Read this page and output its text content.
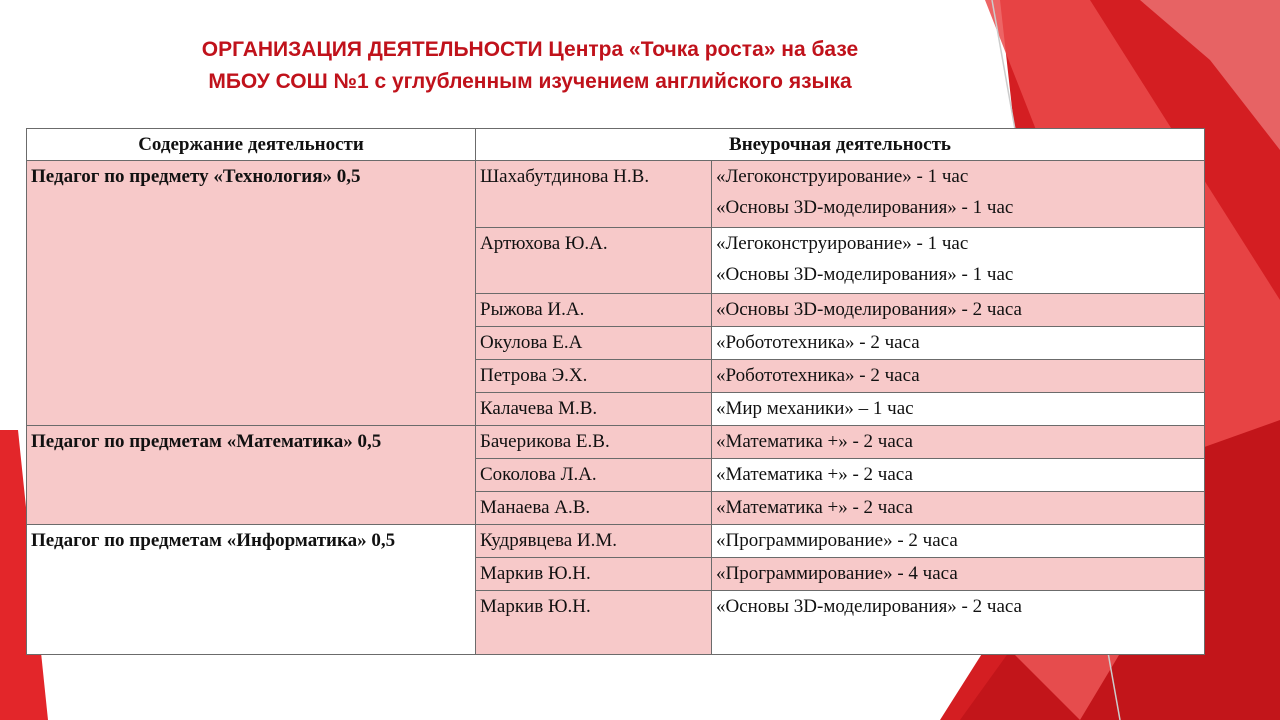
ОРГАНИЗАЦИЯ ДЕЯТЕЛЬНОСТИ Центра «Точка роста» на базе
МБОУ СОШ №1 с углубленным изучением английского языка
Содержание деятельности	Внеурочная деятельность	
Педагог по предмету «Технология» 0,5	Шахабутдинова Н.В.	«Легоконструирование» - 1 час
«Основы 3D-моделирования» - 1 час

	Артюхова Ю.А.	«Легоконструирование» - 1 час
«Основы 3D-моделирования» - 1 час

	Рыжова И.А.	«Основы 3D-моделирования» - 2 часа
	Окулова Е.А	«Робототехника» - 2 часа
	Петрова Э.Х.	«Робототехника» - 2 часа
	Калачева М.В.	«Мир механики» – 1 час
Педагог по предметам «Математика» 0,5	Бачерикова Е.В.	«Математика +» - 2 часа
	Соколова Л.А.	«Математика +» - 2 часа
	Манаева А.В.	«Математика +» - 2 часа
Педагог по предметам «Информатика» 0,5	Кудрявцева И.М.	«Программирование» - 2 часа
	Маркив Ю.Н.	«Программирование» - 4 часа
	Маркив Ю.Н.	«Основы 3D-моделирования» - 2 часа
